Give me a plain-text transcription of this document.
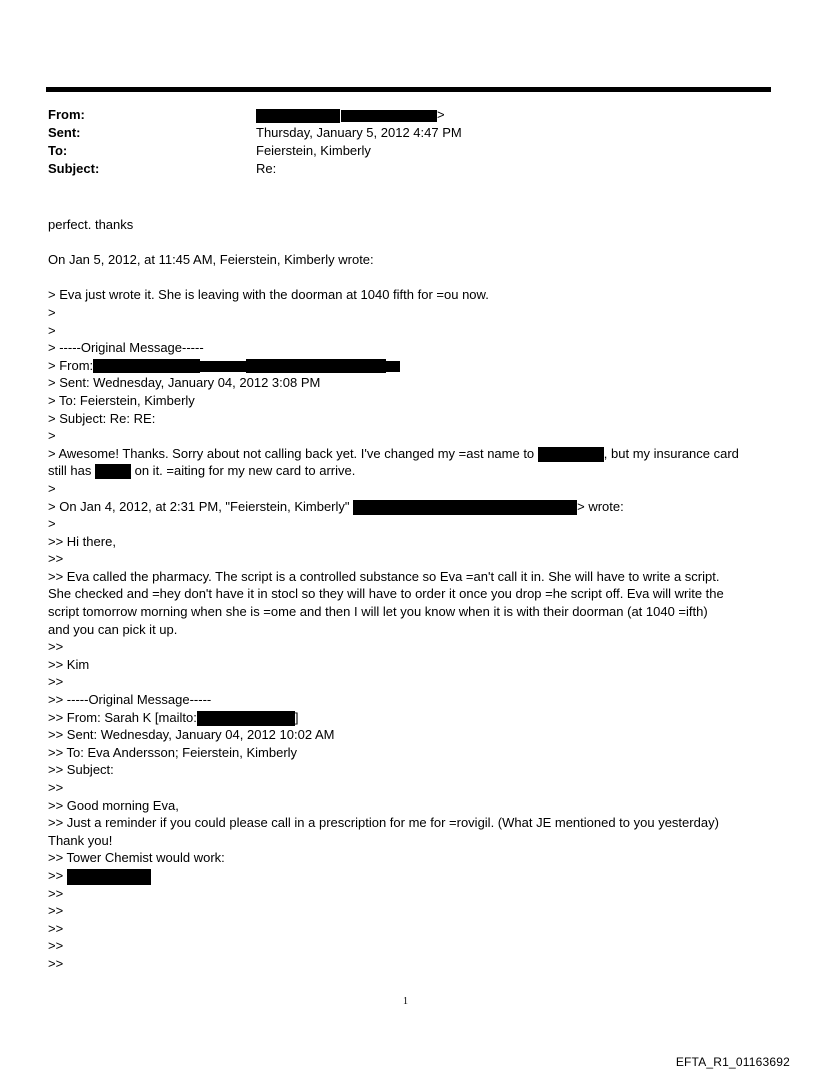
From:	>
Sent:	Thursday, January 5, 2012 4:47 PM
To:	Feierstein, Kimberly
Subject:	Re:

perfect. thanks

On Jan 5, 2012, at 11:45 AM, Feierstein, Kimberly wrote:

> Eva just wrote it. She is leaving with the doorman at 1040 fifth for =ou now.

>

>

> -----Original Message-----

> From:

> Sent: Wednesday, January 04, 2012 3:08 PM

> To: Feierstein, Kimberly

> Subject: Re: RE:

>

> Awesome! Thanks. Sorry about not calling back yet. I've changed my =ast name to	, but my insurance card

still has	on it. =aiting for my new card to arrive.

>

> On Jan 4, 2012, at 2:31 PM, "Feierstein, Kimberly"	> wrote:

>

>> Hi there,

>>

>> Eva called the pharmacy. The script is a controlled substance so Eva =an't call it in. She will have to write a script.

She checked and =hey don't have it in stocl so they will have to order it once you drop =he script off. Eva will write the

script tomorrow morning when she is =ome and then I will let you know when it is with their doorman (at 1040 =ifth)

and you can pick it up.

>>

>> Kim

>>

>> -----Original Message-----

>> From: Sarah K [mailto:	]

>> Sent: Wednesday, January 04, 2012 10:02 AM

>> To: Eva Andersson; Feierstein, Kimberly

>> Subject:

>>

>> Good morning Eva,

>> Just a reminder if you could please call in a prescription for me for =rovigil. (What JE mentioned to you yesterday)

Thank you!

>> Tower Chemist would work:

>>

>>

>>

>>

>>

>>

1
EFTA_R1_01163692
